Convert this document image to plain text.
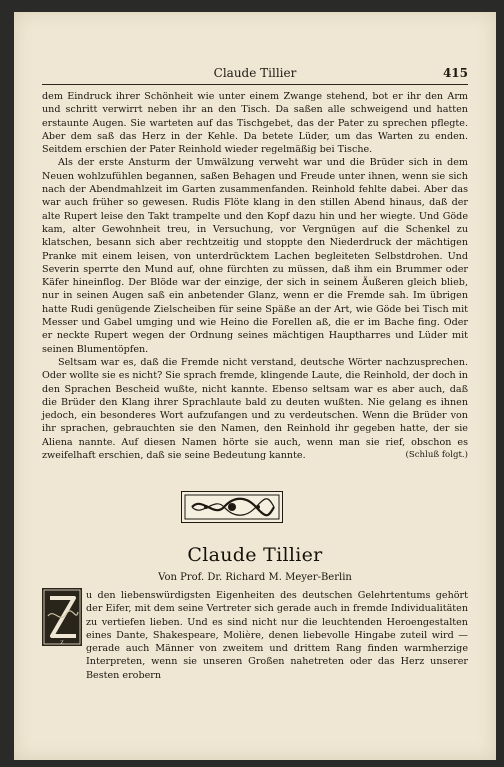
Claude Tillier	415

dem Eindruck ihrer Schönheit wie unter einem Zwange stehend, bot er ihr den Arm und schritt verwirrt neben ihr an den Tisch. Da saßen alle schweigend und hatten erstaunte Augen. Sie warteten auf das Tischgebet, das der Pater zu sprechen pflegte. Aber dem saß das Herz in der Kehle. Da betete Lüder, um das Warten zu enden. Seitdem erschien der Pater Reinhold wieder regelmäßig bei Tische.

Als der erste Ansturm der Umwälzung verweht war und die Brüder sich in dem Neuen wohlzufühlen begannen, saßen Behagen und Freude unter ihnen, wenn sie sich nach der Abendmahlzeit im Garten zusammenfanden. Reinhold fehlte dabei. Aber das war auch früher so gewesen. Rudis Flöte klang in den stillen Abend hinaus, daß der alte Rupert leise den Takt trampelte und den Kopf dazu hin und her wiegte. Und Göde kam, alter Gewohnheit treu, in Versuchung, vor Vergnügen auf die Schenkel zu klatschen, besann sich aber rechtzeitig und stoppte den Niederdruck der mächtigen Pranke mit einem leisen, von unterdrücktem Lachen begleiteten Selbstdrohen. Und Severin sperrte den Mund auf, ohne fürchten zu müssen, daß ihm ein Brummer oder Käfer hineinflog. Der Blöde war der einzige, der sich in seinem Äußeren gleich blieb, nur in seinen Augen saß ein anbetender Glanz, wenn er die Fremde sah. Im übrigen hatte Rudi genügende Zielscheiben für seine Späße an der Art, wie Göde bei Tisch mit Messer und Gabel umging und wie Heino die Forellen aß, die er im Bache fing. Oder er neckte Rupert wegen der Ordnung seines mächtigen Hauptharres und Lüder mit seinen Blumentöpfen.

Seltsam war es, daß die Fremde nicht verstand, deutsche Wörter nachzusprechen. Oder wollte sie es nicht? Sie sprach fremde, klingende Laute, die Reinhold, der doch in den Sprachen Bescheid wußte, nicht kannte. Ebenso seltsam war es aber auch, daß die Brüder den Klang ihrer Sprachlaute bald zu deuten wußten. Nie gelang es ihnen jedoch, ein besonderes Wort aufzufangen und zu verdeutschen. Wenn die Brüder von ihr sprachen, gebrauchten sie den Namen, den Reinhold ihr gegeben hatte, der sie Aliena nannte. Auf diesen Namen hörte sie auch, wenn man sie rief, obschon es zweifelhaft erschien, daß sie seine Bedeutung kannte.	(Schluß folgt.)

Claude Tillier
Von Prof. Dr. Richard M. Meyer-Berlin
Z
u den liebenswürdigsten Eigenheiten des deutschen Gelehrtentums gehört der Eifer, mit dem seine Vertreter sich gerade auch in fremde Individualitäten zu vertiefen lieben. Und es sind nicht nur die leuchtenden Heroengestalten eines Dante, Shakespeare, Molière, denen liebevolle Hingabe zuteil wird — gerade auch Männer von zweitem und drittem Rang finden warmherzige Interpreten, wenn sie unseren Großen nahetreten oder das Herz unserer Besten erobern
